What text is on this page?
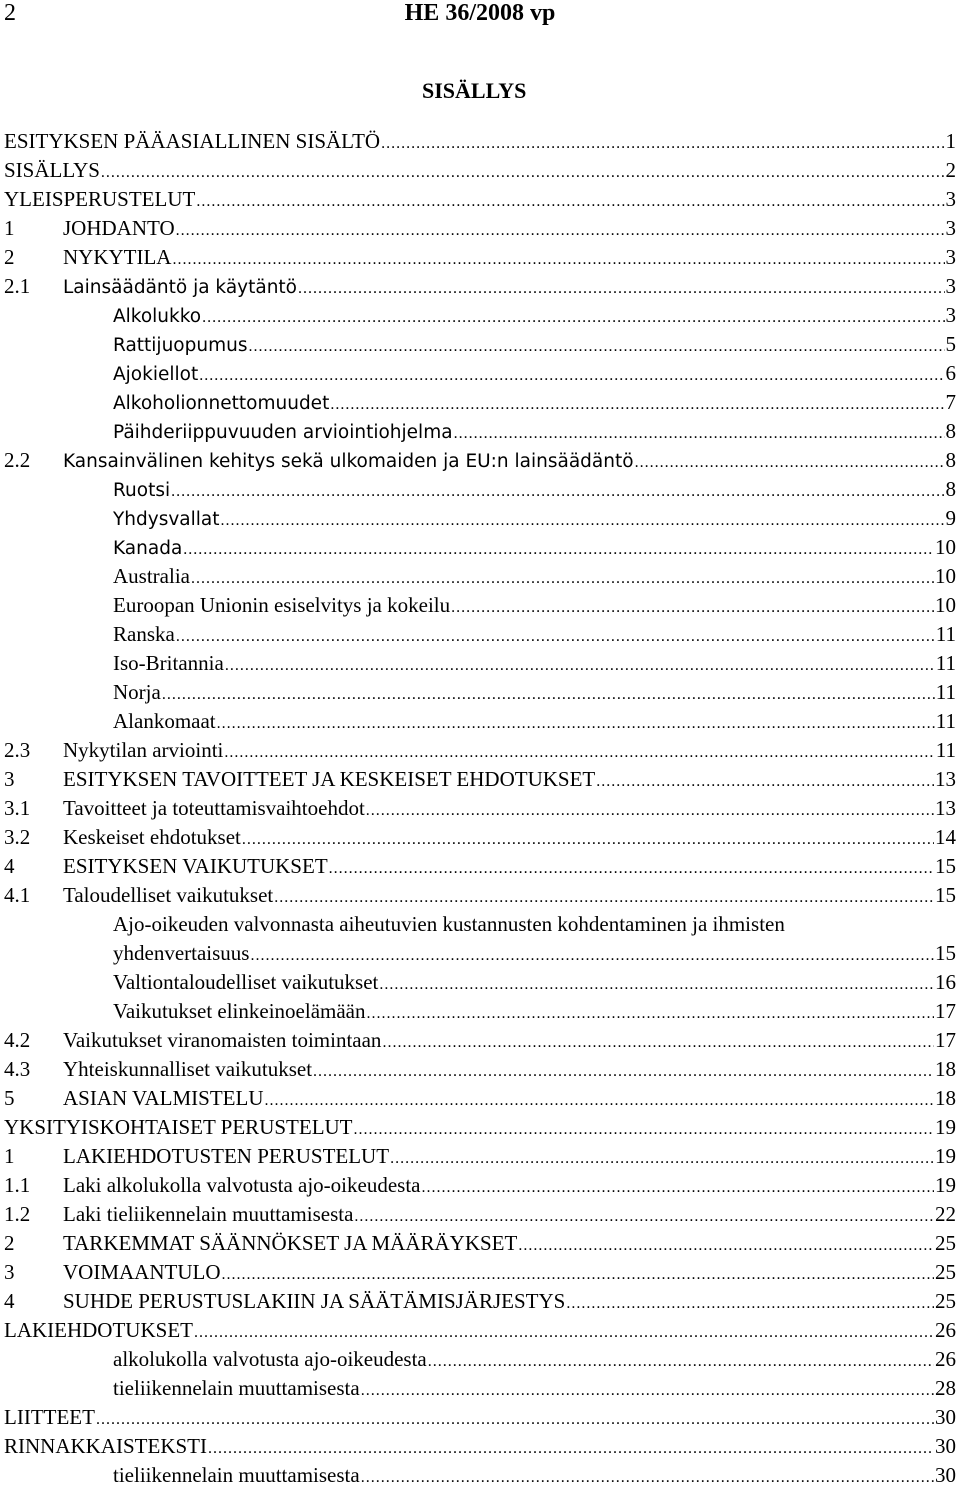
2	HE 36/2008 vp
SISÄLLYS
ESITYKSEN PÄÄASIALLINEN SISÄLTÖ .....	1
SISÄLLYS .....	2
YLEISPERUSTELUT .....	3
1	JOHDANTO .....	3
2	NYKYTILA .....	3
2.1	Lainsäädäntö ja käytäntö .....	3
Alkolukko .....	3
Rattijuopumus .....	5
Ajokiellot .....	6
Alkoholionnettomuudet .....	7
Päihderiippuvuuden arviointiohjelma .....	8
2.2	Kansainvälinen kehitys sekä ulkomaiden ja EU:n lainsäädäntö .....	8
Ruotsi .....	8
Yhdysvallat .....	9
Kanada .....	10
Australia .....	10
Euroopan Unionin esiselvitys ja kokeilu .....	10
Ranska .....	11
Iso-Britannia .....	11
Norja .....	11
Alankomaat .....	11
2.3	Nykytilan arviointi .....	11
3	ESITYKSEN TAVOITTEET JA KESKEISET EHDOTUKSET .....	13
3.1	Tavoitteet ja toteuttamisvaihtoehdot .....	13
3.2	Keskeiset ehdotukset .....	14
4	ESITYKSEN VAIKUTUKSET .....	15
4.1	Taloudelliset vaikutukset .....	15
Ajo-oikeuden valvonnasta aiheutuvien kustannusten kohdentaminen ja ihmisten
yhdenvertaisuus .....	15
Valtiontaloudelliset vaikutukset .....	16
Vaikutukset elinkeinoelämään .....	17
4.2	Vaikutukset viranomaisten toimintaan .....	17
4.3	Yhteiskunnalliset vaikutukset .....	18
5	ASIAN VALMISTELU .....	18
YKSITYISKOHTAISET PERUSTELUT .....	19
1	LAKIEHDOTUSTEN PERUSTELUT .....	19
1.1	Laki alkolukolla valvotusta ajo-oikeudesta .....	19
1.2	Laki tieliikennelain muuttamisesta .....	22
2	TARKEMMAT SÄÄNNÖKSET JA MÄÄRÄYKSET .....	25
3	VOIMAANTULO .....	25
4	SUHDE PERUSTUSLAKIIN JA SÄÄTÄMISJÄRJESTYS .....	25
LAKIEHDOTUKSET .....	26
alkolukolla valvotusta ajo-oikeudesta .....	26
tieliikennelain muuttamisesta .....	28
LIITTEET .....	30
RINNAKKAISTEKSTI .....	30
tieliikennelain muuttamisesta .....	30
